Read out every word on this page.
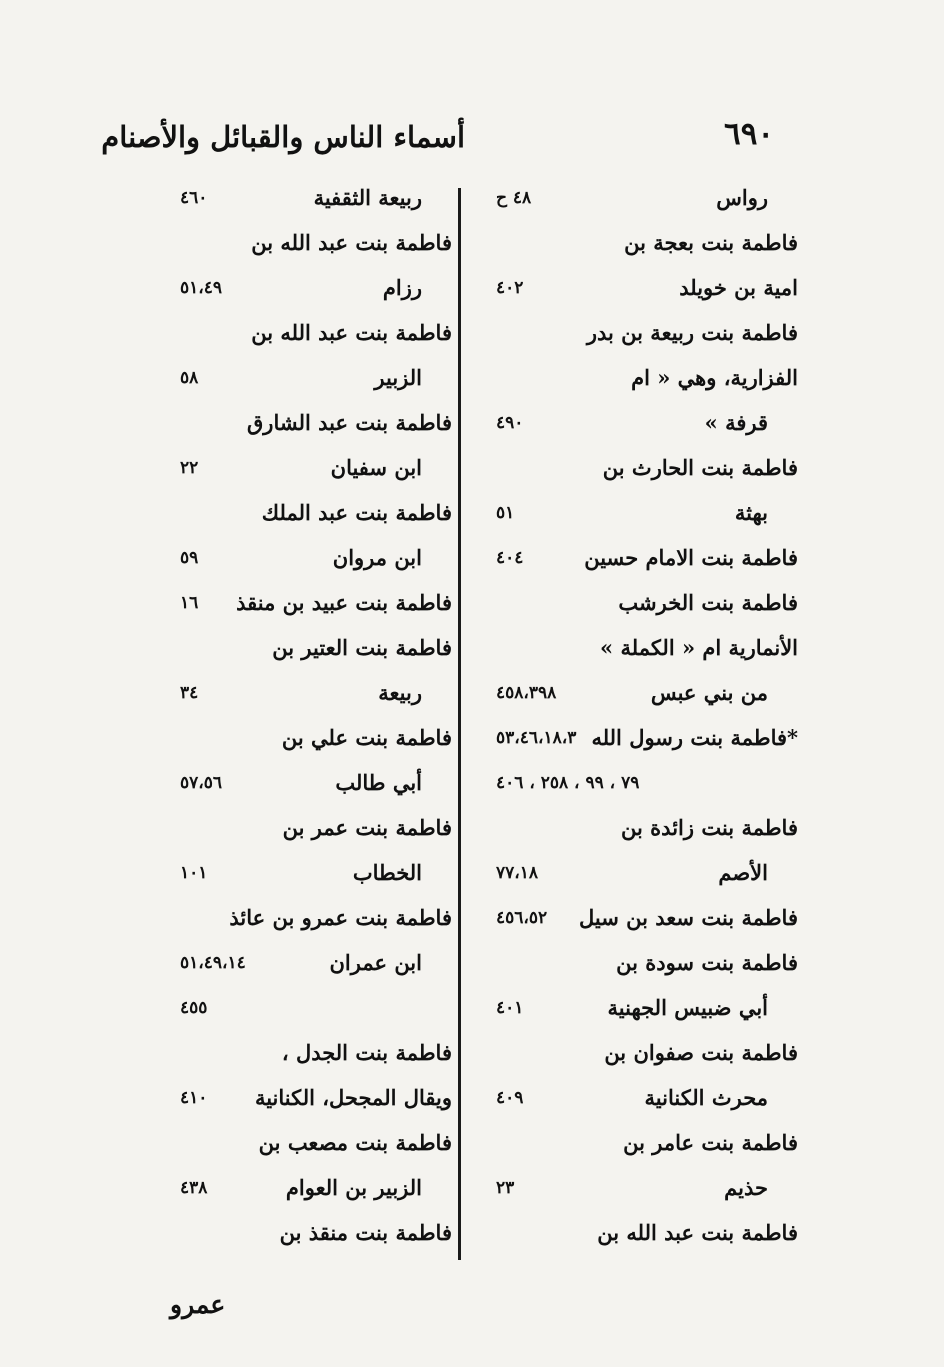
أسماء الناس والقبائل والأصنام	٦٩٠
رواس
٤٨ ح
فاطمة بنت بعجة بن
امية بن خويلد
٤٠٢
فاطمة بنت ربيعة بن بدر
الفزارية، وهي « ام
قرفة »
٤٩٠
فاطمة بنت الحارث بن
بهثة
٥١
فاطمة بنت الامام حسين
٤٠٤
فاطمة بنت الخرشب
الأنمارية ام « الكملة »
من بني عبس
٤٥٨،٣٩٨
*فاطمة بنت رسول الله
٥٣،٤٦،١٨،٣
٧٩ ، ٩٩ ، ٢٥٨ ، ٤٠٦
فاطمة بنت زائدة بن
الأصم
٧٧،١٨
فاطمة بنت سعد بن سيل
٤٥٦،٥٢
فاطمة بنت سودة بن
أبي ضبيس الجهنية
٤٠١
فاطمة بنت صفوان بن
محرث الكنانية
٤٠٩
فاطمة بنت عامر بن
حذيم
٢٣
فاطمة بنت عبد الله بن
ربيعة الثقفية
٤٦٠
فاطمة بنت عبد الله بن
رزام
٥١،٤٩
فاطمة بنت عبد الله بن
الزبير
٥٨
فاطمة بنت عبد الشارق
ابن سفيان
٢٢
فاطمة بنت عبد الملك
ابن مروان
٥٩
فاطمة بنت عبيد بن منقذ
١٦
فاطمة بنت العتير بن
ربيعة
٣٤
فاطمة بنت علي بن
أبي طالب
٥٧،٥٦
فاطمة بنت عمر بن
الخطاب
١٠١
فاطمة بنت عمرو بن عائذ
ابن عمران
٥١،٤٩،١٤
٤٥٥
فاطمة بنت الجدل ،
ويقال المجحل، الكنانية
٤١٠
فاطمة بنت مصعب بن
الزبير بن العوام
٤٣٨
فاطمة بنت منقذ بن
عمرو
